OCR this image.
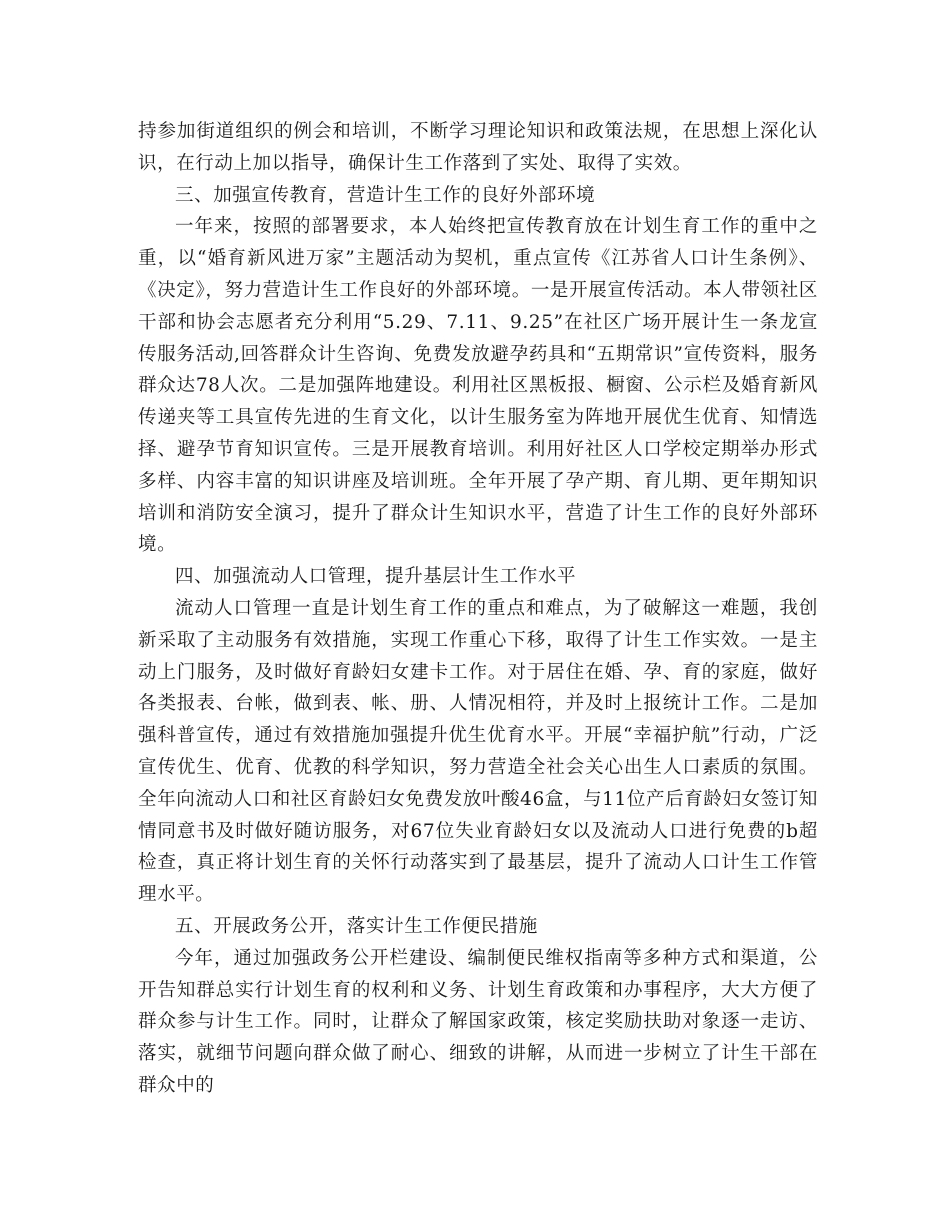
持参加街道组织的例会和培训，不断学习理论知识和政策法规，在思想上深化认识，在行动上加以指导，确保计生工作落到了实处、取得了实效。

三、加强宣传教育，营造计生工作的良好外部环境

一年来，按照的部署要求，本人始终把宣传教育放在计划生育工作的重中之重，以“婚育新风进万家”主题活动为契机，重点宣传《江苏省人口计生条例》、《决定》，努力营造计生工作良好的外部环境。一是开展宣传活动。本人带领社区干部和协会志愿者充分利用“5.29、7.11、9.25”在社区广场开展计生一条龙宣传服务活动,回答群众计生咨询、免费发放避孕药具和“五期常识”宣传资料，服务群众达78人次。二是加强阵地建设。利用社区黑板报、橱窗、公示栏及婚育新风传递夹等工具宣传先进的生育文化，以计生服务室为阵地开展优生优育、知情选择、避孕节育知识宣传。三是开展教育培训。利用好社区人口学校定期举办形式多样、内容丰富的知识讲座及培训班。全年开展了孕产期、育儿期、更年期知识培训和消防安全演习，提升了群众计生知识水平，营造了计生工作的良好外部环境。

四、加强流动人口管理，提升基层计生工作水平

流动人口管理一直是计划生育工作的重点和难点，为了破解这一难题，我创新采取了主动服务有效措施，实现工作重心下移，取得了计生工作实效。一是主动上门服务，及时做好育龄妇女建卡工作。对于居住在婚、孕、育的家庭，做好各类报表、台帐，做到表、帐、册、人情况相符，并及时上报统计工作。二是加强科普宣传，通过有效措施加强提升优生优育水平。开展“幸福护航”行动，广泛宣传优生、优育、优教的科学知识，努力营造全社会关心出生人口素质的氛围。全年向流动人口和社区育龄妇女免费发放叶酸46盒，与11位产后育龄妇女签订知情同意书及时做好随访服务，对67位失业育龄妇女以及流动人口进行免费的b超检查，真正将计划生育的关怀行动落实到了最基层，提升了流动人口计生工作管理水平。

五、开展政务公开，落实计生工作便民措施

今年，通过加强政务公开栏建设、编制便民维权指南等多种方式和渠道，公开告知群总实行计划生育的权利和义务、计划生育政策和办事程序，大大方便了群众参与计生工作。同时，让群众了解国家政策，核定奖励扶助对象逐一走访、落实，就细节问题向群众做了耐心、细致的讲解，从而进一步树立了计生干部在群众中的
